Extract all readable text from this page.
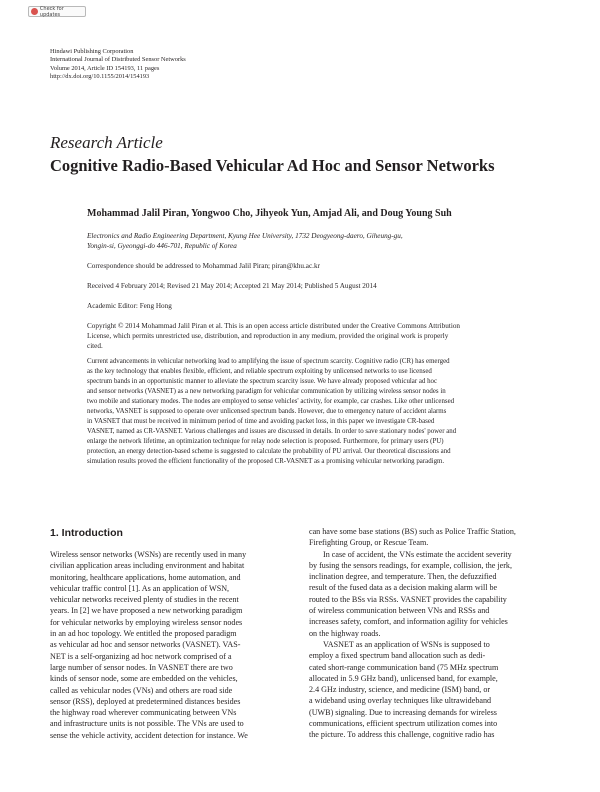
Check for updates
Hindawi Publishing Corporation
International Journal of Distributed Sensor Networks
Volume 2014, Article ID 154193, 11 pages
http://dx.doi.org/10.1155/2014/154193
Research Article
Cognitive Radio-Based Vehicular Ad Hoc and Sensor Networks
Mohammad Jalil Piran, Yongwoo Cho, Jihyeok Yun, Amjad Ali, and Doug Young Suh
Electronics and Radio Engineering Department, Kyung Hee University, 1732 Deogyeong-daero, Giheung-gu,
Yongin-si, Gyeonggi-do 446-701, Republic of Korea
Correspondence should be addressed to Mohammad Jalil Piran; piran@khu.ac.kr
Received 4 February 2014; Revised 21 May 2014; Accepted 21 May 2014; Published 5 August 2014
Academic Editor: Feng Hong
Copyright © 2014 Mohammad Jalil Piran et al. This is an open access article distributed under the Creative Commons Attribution
License, which permits unrestricted use, distribution, and reproduction in any medium, provided the original work is properly
cited.
Current advancements in vehicular networking lead to amplifying the issue of spectrum scarcity. Cognitive radio (CR) has emerged
as the key technology that enables flexible, efficient, and reliable spectrum exploiting by unlicensed networks to use licensed
spectrum bands in an opportunistic manner to alleviate the spectrum scarcity issue. We have already proposed vehicular ad hoc
and sensor networks (VASNET) as a new networking paradigm for vehicular communication by utilizing wireless sensor nodes in
two mobile and stationary modes. The nodes are employed to sense vehicles' activity, for example, car crashes. Like other unlicensed
networks, VASNET is supposed to operate over unlicensed spectrum bands. However, due to emergency nature of accident alarms
in VASNET that must be received in minimum period of time and avoiding packet loss, in this paper we investigate CR-based
VASNET, named as CR-VASNET. Various challenges and issues are discussed in details. In order to save stationary nodes' power and
enlarge the network lifetime, an optimization technique for relay node selection is proposed. Furthermore, for primary users (PU)
protection, an energy detection-based scheme is suggested to calculate the probability of PU arrival. Our theoretical discussions and
simulation results proved the efficient functionality of the proposed CR-VASNET as a promising vehicular networking paradigm.
1. Introduction
Wireless sensor networks (WSNs) are recently used in many
civilian application areas including environment and habitat
monitoring, healthcare applications, home automation, and
vehicular traffic control [1]. As an application of WSN,
vehicular networks received plenty of studies in the recent
years. In [2] we have proposed a new networking paradigm
for vehicular networks by employing wireless sensor nodes
in an ad hoc topology. We entitled the proposed paradigm
as vehicular ad hoc and sensor networks (VASNET). VAS-
NET is a self-organizing ad hoc network comprised of a
large number of sensor nodes. In VASNET there are two
kinds of sensor node, some are embedded on the vehicles,
called as vehicular nodes (VNs) and others are road side
sensor (RSS), deployed at predetermined distances besides
the highway road wherever communicating between VNs
and infrastructure units is not possible. The VNs are used to
sense the vehicle activity, accident detection for instance. We
can have some base stations (BS) such as Police Traffic Station,
Firefighting Group, or Rescue Team.
In case of accident, the VNs estimate the accident severity
by fusing the sensors readings, for example, collision, the jerk,
inclination degree, and temperature. Then, the defuzzified
result of the fused data as a decision making alarm will be
routed to the BSs via RSSs. VASNET provides the capability
of wireless communication between VNs and RSSs and
increases safety, comfort, and information agility for vehicles
on the highway roads.
VASNET as an application of WSNs is supposed to
employ a fixed spectrum band allocation such as dedi-
cated short-range communication band (75 MHz spectrum
allocated in 5.9 GHz band), unlicensed band, for example,
2.4 GHz industry, science, and medicine (ISM) band, or
a wideband using overlay techniques like ultrawideband
(UWB) signaling. Due to increasing demands for wireless
communications, efficient spectrum utilization comes into
the picture. To address this challenge, cognitive radio has
